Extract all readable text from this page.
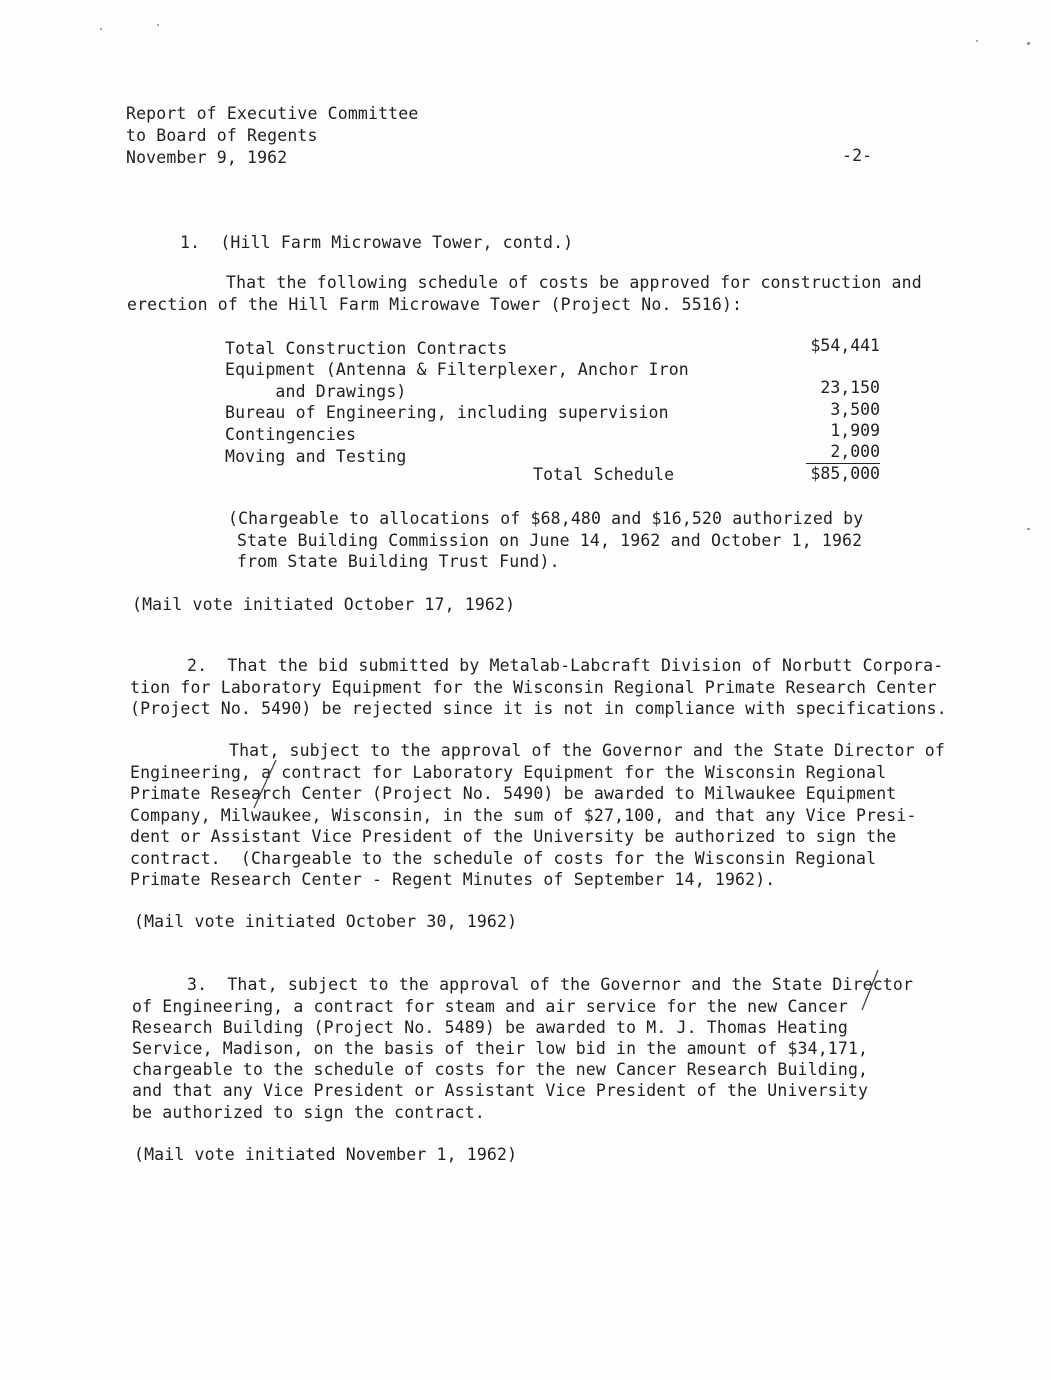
Report of Executive Committee
to Board of Regents
November 9, 1962	-2-
1.  (Hill Farm Microwave Tower, contd.)
That the following schedule of costs be approved for construction and
erection of the Hill Farm Microwave Tower (Project No. 5516):
Total Construction Contracts	$54,441
Equipment (Antenna & Filterplexer, Anchor Iron
and Drawings)	23,150
Bureau of Engineering, including supervision	3,500
Contingencies	1,909
Moving and Testing	2,000
Total Schedule	$85,000
(Chargeable to allocations of $68,480 and $16,520 authorized by
State Building Commission on June 14, 1962 and October 1, 1962
from State Building Trust Fund).
(Mail vote initiated October 17, 1962)
2.  That the bid submitted by Metalab-Labcraft Division of Norbutt Corpora-
tion for Laboratory Equipment for the Wisconsin Regional Primate Research Center
(Project No. 5490) be rejected since it is not in compliance with specifications.
That, subject to the approval of the Governor and the State Director of
Engineering, a contract for Laboratory Equipment for the Wisconsin Regional
Primate Research Center (Project No. 5490) be awarded to Milwaukee Equipment
Company, Milwaukee, Wisconsin, in the sum of $27,100, and that any Vice Presi-
dent or Assistant Vice President of the University be authorized to sign the
contract.  (Chargeable to the schedule of costs for the Wisconsin Regional
Primate Research Center - Regent Minutes of September 14, 1962).
(Mail vote initiated October 30, 1962)
3.  That, subject to the approval of the Governor and the State Director
of Engineering, a contract for steam and air service for the new Cancer
Research Building (Project No. 5489) be awarded to M. J. Thomas Heating
Service, Madison, on the basis of their low bid in the amount of $34,171,
chargeable to the schedule of costs for the new Cancer Research Building,
and that any Vice President or Assistant Vice President of the University
be authorized to sign the contract.
(Mail vote initiated November 1, 1962)
